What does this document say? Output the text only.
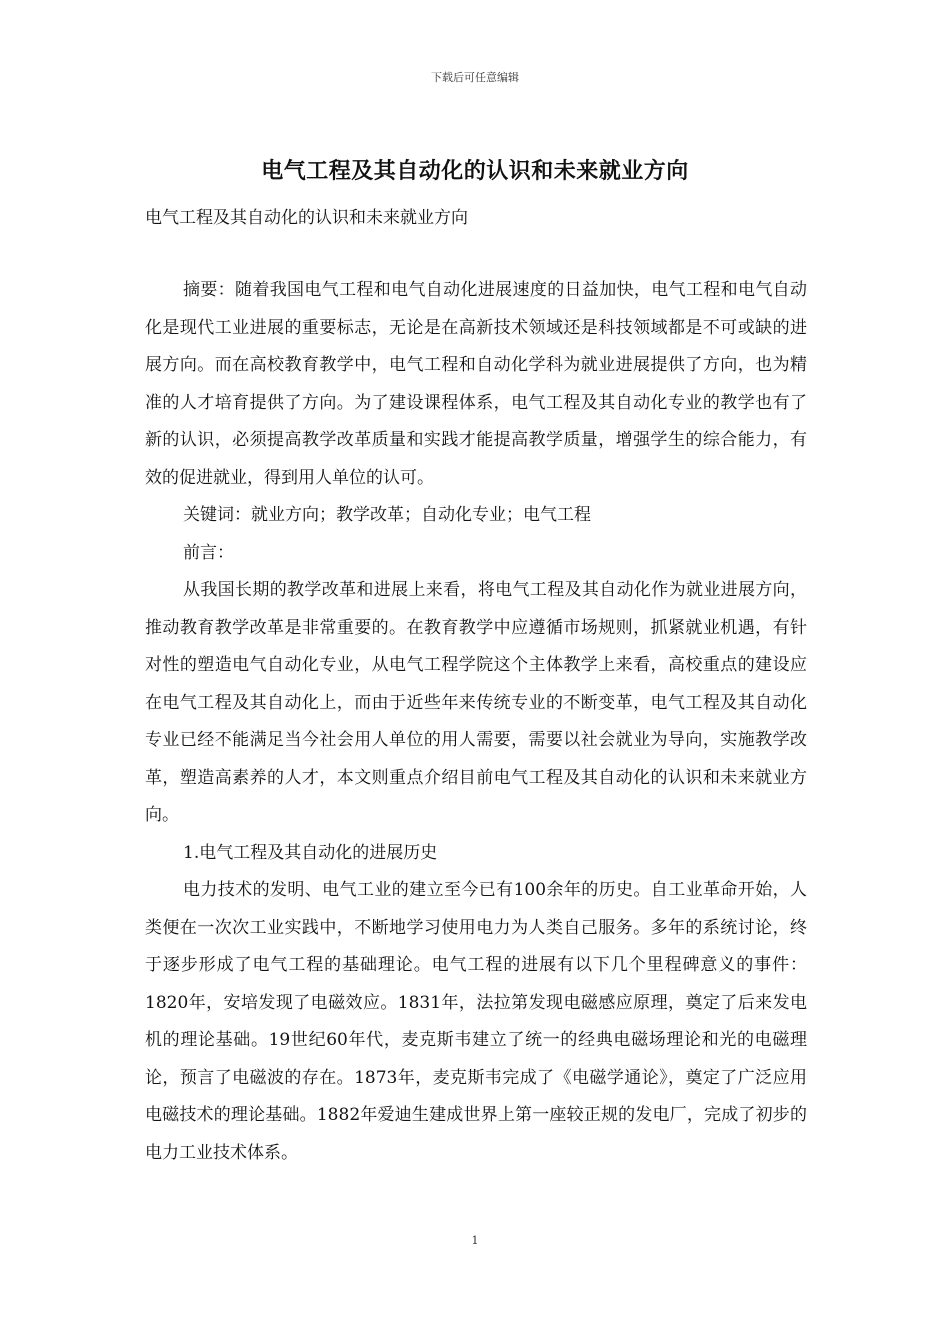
下载后可任意编辑
电气工程及其自动化的认识和未来就业方向
电气工程及其自动化的认识和未来就业方向

摘要：随着我国电气工程和电气自动化进展速度的日益加快，电气工程和电气自动化是现代工业进展的重要标志，无论是在高新技术领域还是科技领域都是不可或缺的进展方向。而在高校教育教学中，电气工程和自动化学科为就业进展提供了方向，也为精准的人才培育提供了方向。为了建设课程体系，电气工程及其自动化专业的教学也有了新的认识，必须提高教学改革质量和实践才能提高教学质量，增强学生的综合能力，有效的促进就业，得到用人单位的认可。

关键词：就业方向；教学改革；自动化专业；电气工程

前言：

从我国长期的教学改革和进展上来看，将电气工程及其自动化作为就业进展方向，推动教育教学改革是非常重要的。在教育教学中应遵循市场规则，抓紧就业机遇，有针对性的塑造电气自动化专业，从电气工程学院这个主体教学上来看，高校重点的建设应在电气工程及其自动化上，而由于近些年来传统专业的不断变革，电气工程及其自动化专业已经不能满足当今社会用人单位的用人需要，需要以社会就业为导向，实施教学改革，塑造高素养的人才，本文则重点介绍目前电气工程及其自动化的认识和未来就业方向。

1.电气工程及其自动化的进展历史

电力技术的发明、电气工业的建立至今已有100余年的历史。自工业革命开始，人类便在一次次工业实践中，不断地学习使用电力为人类自己服务。多年的系统讨论，终于逐步形成了电气工程的基础理论。电气工程的进展有以下几个里程碑意义的事件：1820年，安培发现了电磁效应。1831年，法拉第发现电磁感应原理，奠定了后来发电机的理论基础。19世纪60年代，麦克斯韦建立了统一的经典电磁场理论和光的电磁理论，预言了电磁波的存在。1873年，麦克斯韦完成了《电磁学通论》，奠定了广泛应用电磁技术的理论基础。1882年爱迪生建成世界上第一座较正规的发电厂，完成了初步的电力工业技术体系。

1
